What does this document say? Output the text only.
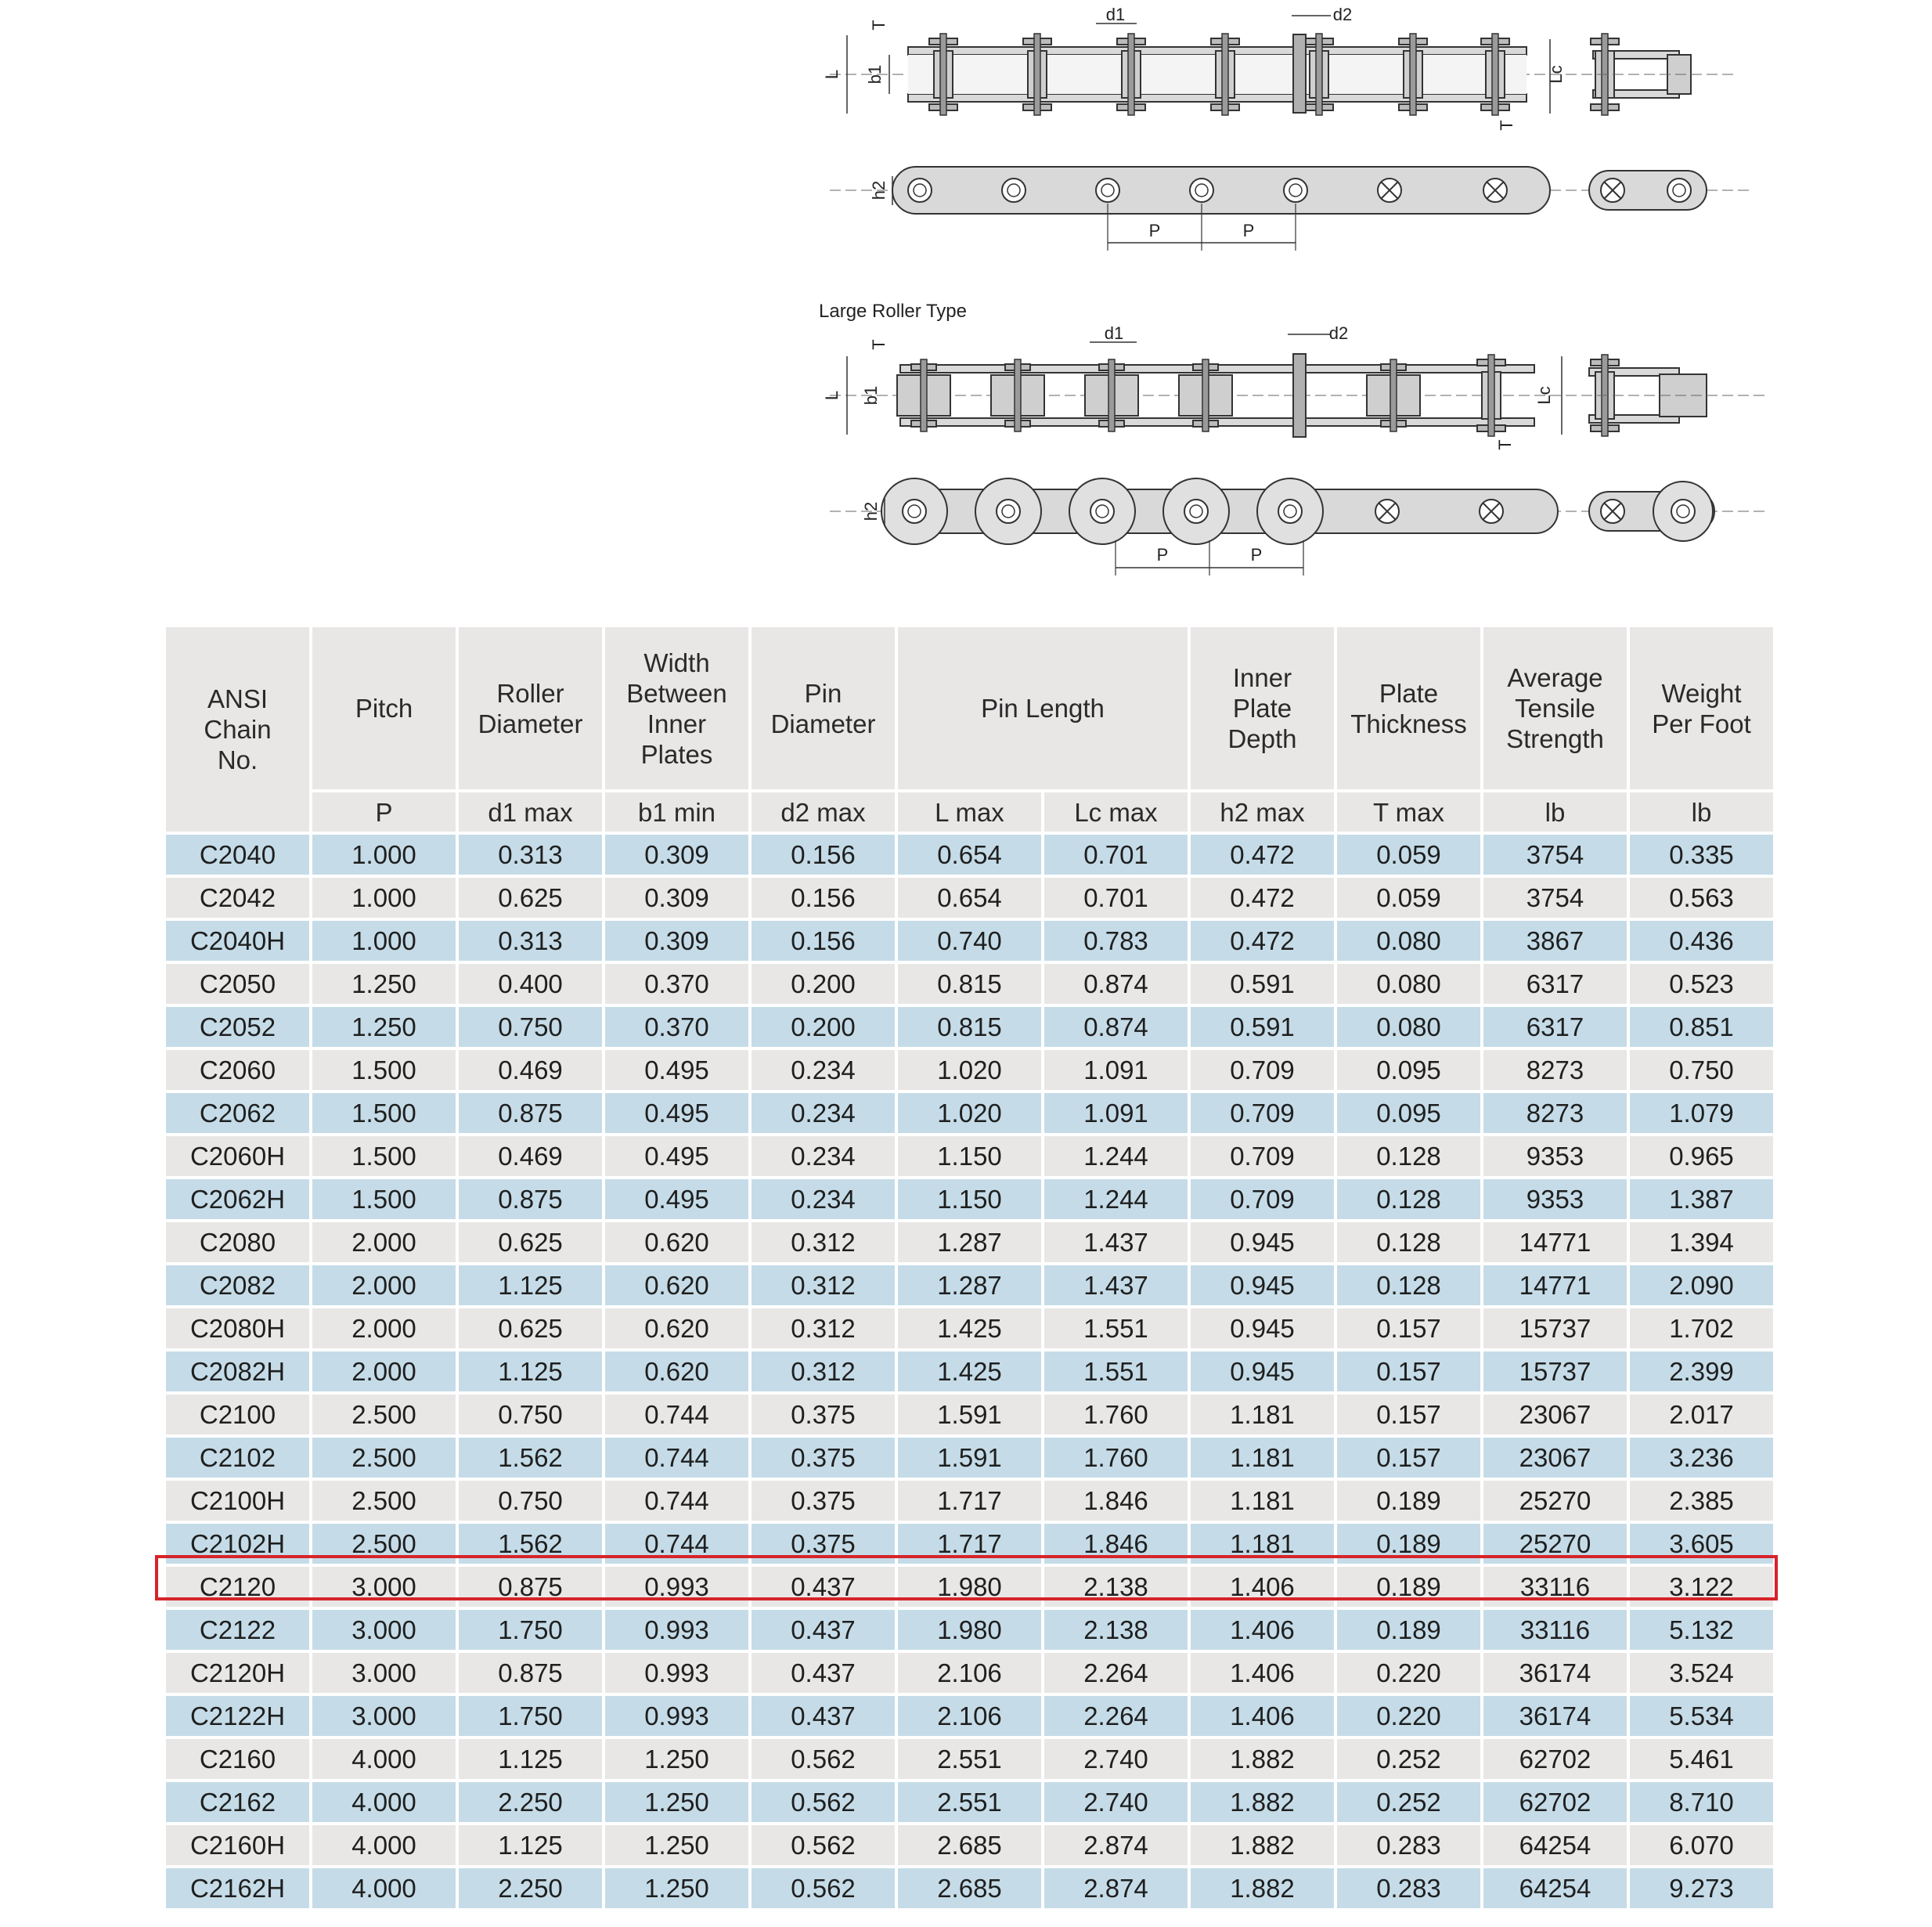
L b1
T
d1	d2
Lc
T
h2
P	P
L b1
T
d1	d2
Lc
T
h2
P	P
Large Roller Type
ANSI Chain No.	Pitch	Roller Diameter	Width Between Inner Plates	Pin Diameter	Pin Length		Inner Plate Depth	Plate Thickness	Average Tensile Strength	Weight Per Foot
	P	d1 max	b1 min	d2 max	L max	Lc max	h2 max	T max	lb	lb
C2040	1.000	0.313	0.309	0.156	0.654	0.701	0.472	0.059	3754	0.335
C2042	1.000	0.625	0.309	0.156	0.654	0.701	0.472	0.059	3754	0.563
C2040H	1.000	0.313	0.309	0.156	0.740	0.783	0.472	0.080	3867	0.436
C2050	1.250	0.400	0.370	0.200	0.815	0.874	0.591	0.080	6317	0.523
C2052	1.250	0.750	0.370	0.200	0.815	0.874	0.591	0.080	6317	0.851
C2060	1.500	0.469	0.495	0.234	1.020	1.091	0.709	0.095	8273	0.750
C2062	1.500	0.875	0.495	0.234	1.020	1.091	0.709	0.095	8273	1.079
C2060H	1.500	0.469	0.495	0.234	1.150	1.244	0.709	0.128	9353	0.965
C2062H	1.500	0.875	0.495	0.234	1.150	1.244	0.709	0.128	9353	1.387
C2080	2.000	0.625	0.620	0.312	1.287	1.437	0.945	0.128	14771	1.394
C2082	2.000	1.125	0.620	0.312	1.287	1.437	0.945	0.128	14771	2.090
C2080H	2.000	0.625	0.620	0.312	1.425	1.551	0.945	0.157	15737	1.702
C2082H	2.000	1.125	0.620	0.312	1.425	1.551	0.945	0.157	15737	2.399
C2100	2.500	0.750	0.744	0.375	1.591	1.760	1.181	0.157	23067	2.017
C2102	2.500	1.562	0.744	0.375	1.591	1.760	1.181	0.157	23067	3.236
C2100H	2.500	0.750	0.744	0.375	1.717	1.846	1.181	0.189	25270	2.385
C2102H	2.500	1.562	0.744	0.375	1.717	1.846	1.181	0.189	25270	3.605
C2120	3.000	0.875	0.993	0.437	1.980	2.138	1.406	0.189	33116	3.122
C2122	3.000	1.750	0.993	0.437	1.980	2.138	1.406	0.189	33116	5.132
C2120H	3.000	0.875	0.993	0.437	2.106	2.264	1.406	0.220	36174	3.524
C2122H	3.000	1.750	0.993	0.437	2.106	2.264	1.406	0.220	36174	5.534
C2160	4.000	1.125	1.250	0.562	2.551	2.740	1.882	0.252	62702	5.461
C2162	4.000	2.250	1.250	0.562	2.551	2.740	1.882	0.252	62702	8.710
C2160H	4.000	1.125	1.250	0.562	2.685	2.874	1.882	0.283	64254	6.070
C2162H	4.000	2.250	1.250	0.562	2.685	2.874	1.882	0.283	64254	9.273
